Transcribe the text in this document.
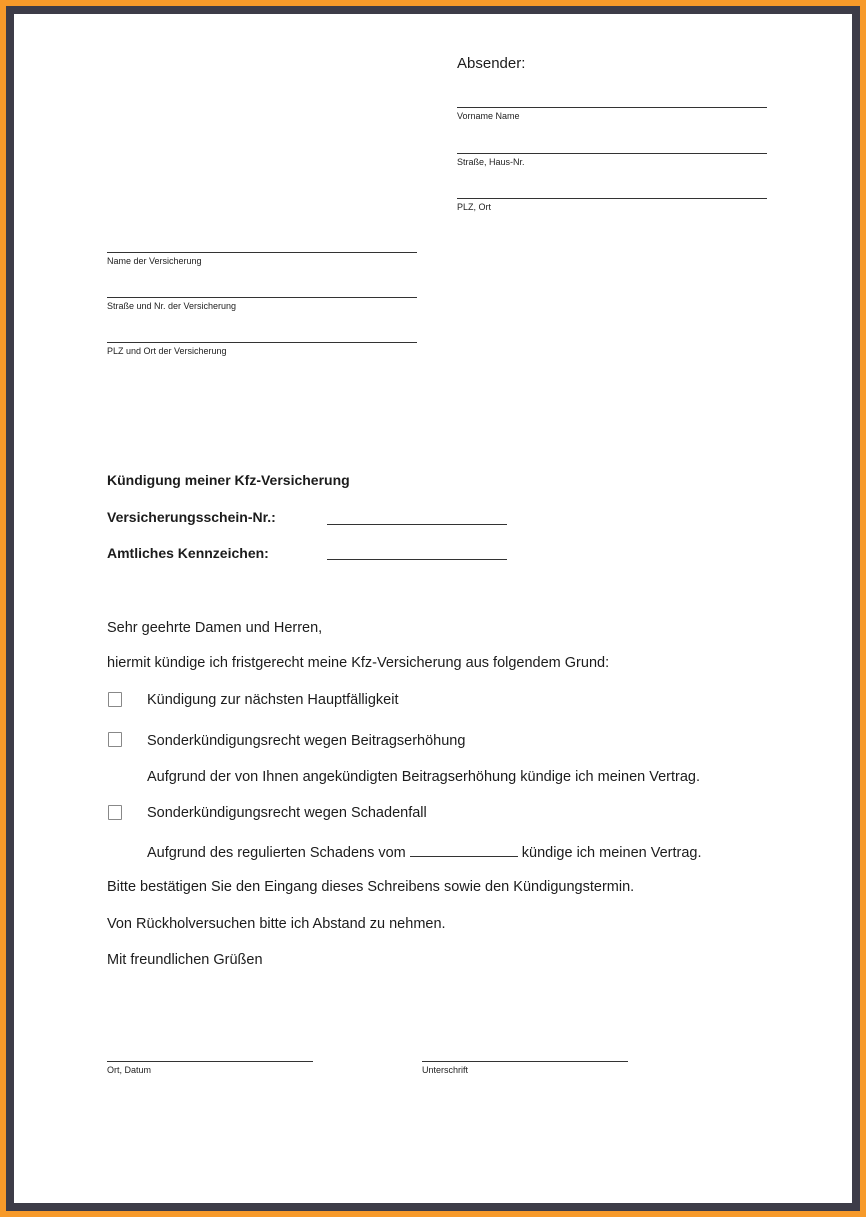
Absender:
Vorname Name
Straße, Haus-Nr.
PLZ, Ort
Name der Versicherung
Straße und Nr. der Versicherung
PLZ und Ort der Versicherung
Kündigung meiner Kfz-Versicherung
Versicherungsschein-Nr.:
Amtliches Kennzeichen:
Sehr geehrte Damen und Herren,
hiermit kündige ich fristgerecht meine Kfz-Versicherung aus folgendem Grund:
Kündigung zur nächsten Hauptfälligkeit
Sonderkündigungsrecht wegen Beitragserhöhung
Aufgrund der von Ihnen angekündigten Beitragserhöhung kündige ich meinen Vertrag.
Sonderkündigungsrecht wegen Schadenfall
Aufgrund des regulierten Schadens vom	kündige ich meinen Vertrag.
Bitte bestätigen Sie den Eingang dieses Schreibens sowie den Kündigungstermin.
Von Rückholversuchen bitte ich Abstand zu nehmen.
Mit freundlichen Grüßen
Ort, Datum	Unterschrift
